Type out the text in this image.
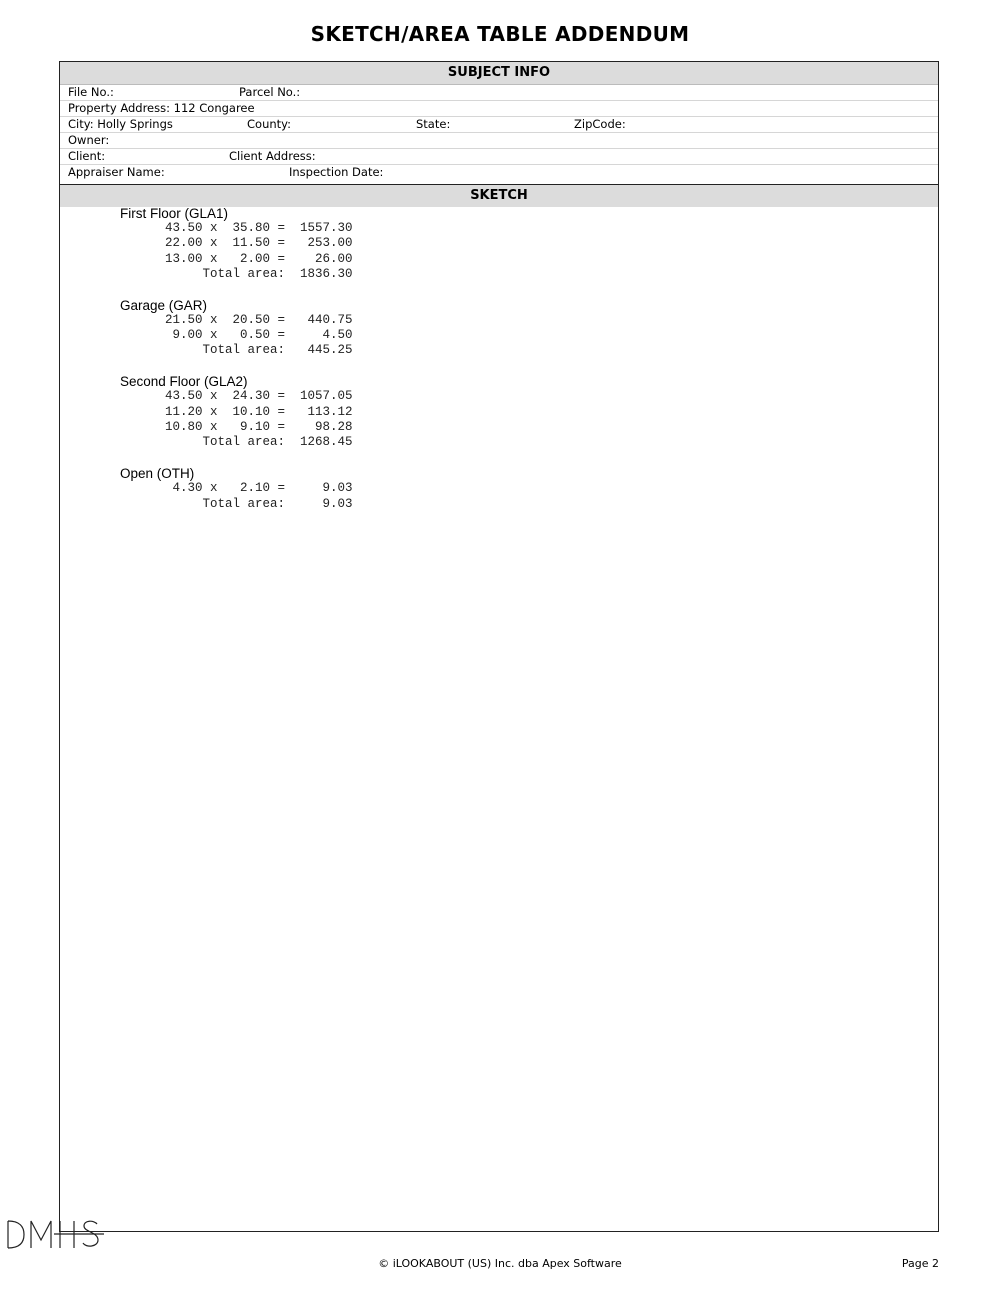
SKETCH/AREA TABLE ADDENDUM
SUBJECT INFO
File No.:	Parcel No.:
Property Address: 112 Congaree
City: Holly Springs	County:	State:	ZipCode:
Owner:
Client:	Client Address:
Appraiser Name:	Inspection Date:
SKETCH
First Floor (GLA1)
43.50 x  35.80 =  1557.30
22.00 x  11.50 =   253.00
13.00 x   2.00 =    26.00
Total area:  1836.30
Garage (GAR)
21.50 x  20.50 =   440.75
9.00 x   0.50 =     4.50
Total area:   445.25
Second Floor (GLA2)
43.50 x  24.30 =  1057.05
11.20 x  10.10 =   113.12
10.80 x   9.10 =    98.28
Total area:  1268.45
Open (OTH)
4.30 x   2.10 =     9.03
Total area:     9.03
© iLOOKABOUT (US) Inc. dba Apex Software	Page 2
